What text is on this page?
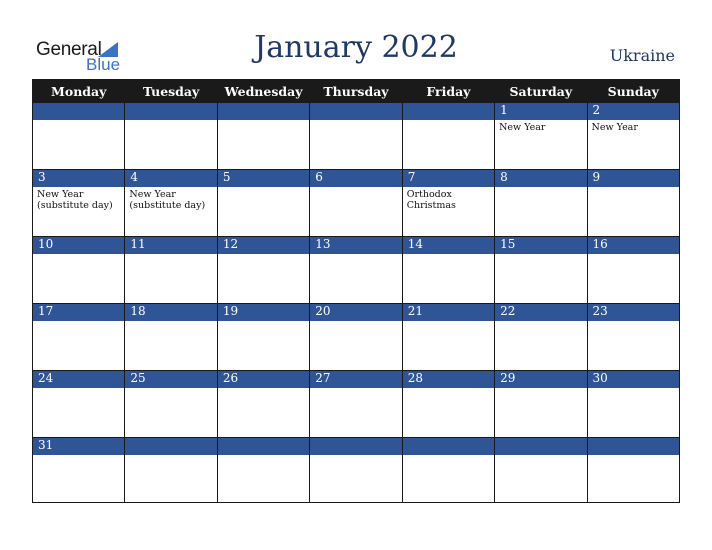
General
Blue	January 2022	Ukraine
Monday	Tuesday	Wednesday	Thursday	Friday	Saturday	Sunday
					1	2
					New Year	New Year
3	4	5	6	7	8	9
New Year (substitute day)	New Year (substitute day)			Orthodox Christmas		
10	11	12	13	14	15	16

17	18	19	20	21	22	23

24	25	26	27	28	29	30

31						
